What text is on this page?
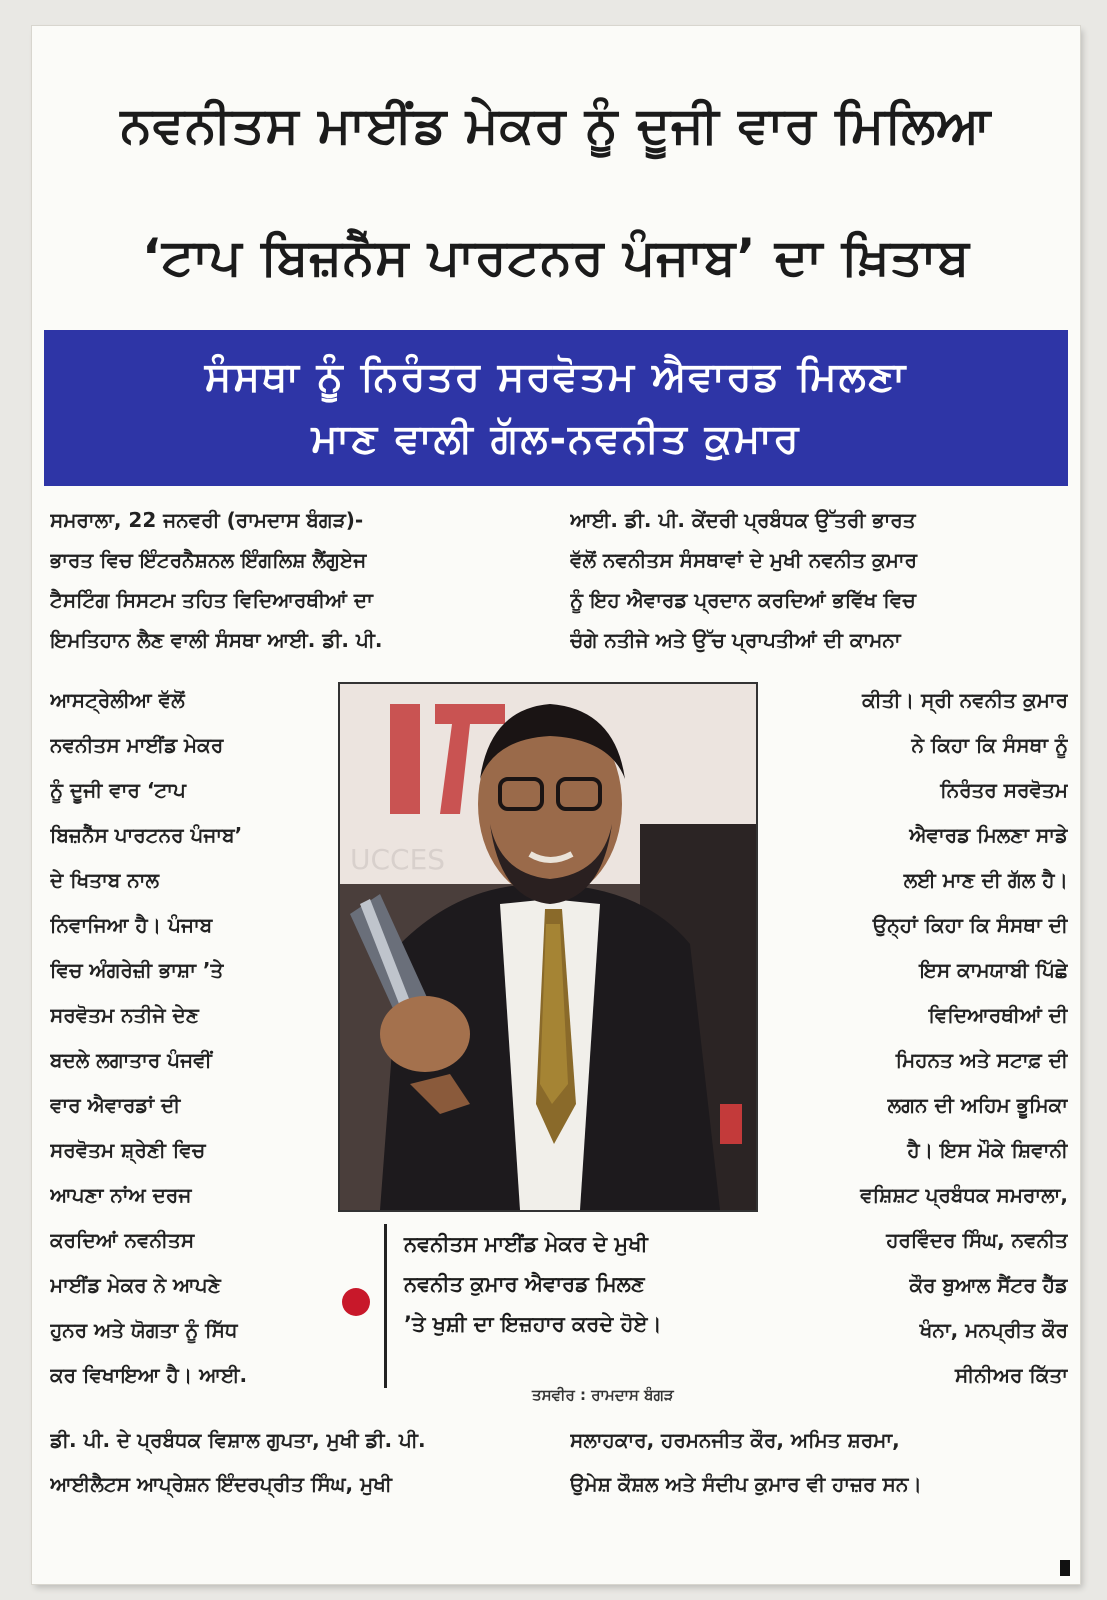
ਨਵਨੀਤਸ ਮਾਈਂਡ ਮੇਕਰ ਨੂੰ ਦੂਜੀ ਵਾਰ ਮਿਲਿਆ
‘ਟਾਪ ਬਿਜ਼ਨੈੱਸ ਪਾਰਟਨਰ ਪੰਜਾਬ’ ਦਾ ਖ਼ਿਤਾਬ
ਸੰਸਥਾ ਨੂੰ ਨਿਰੰਤਰ ਸਰਵੋਤਮ ਐਵਾਰਡ ਮਿਲਣਾ
ਮਾਣ ਵਾਲੀ ਗੱਲ-ਨਵਨੀਤ ਕੁਮਾਰ
ਸਮਰਾਲਾ, 22 ਜਨਵਰੀ (ਰਾਮਦਾਸ ਬੰਗੜ)-
ਭਾਰਤ ਵਿਚ ਇੰਟਰਨੈਸ਼ਨਲ ਇੰਗਲਿਸ਼ ਲੈਂਗੁਏਜ
ਟੈਸਟਿੰਗ ਸਿਸਟਮ ਤਹਿਤ ਵਿਦਿਆਰਥੀਆਂ ਦਾ
ਇਮਤਿਹਾਨ ਲੈਣ ਵਾਲੀ ਸੰਸਥਾ ਆਈ. ਡੀ. ਪੀ.
ਆਸਟ੍ਰੇਲੀਆ ਵੱਲੋਂ
ਨਵਨੀਤਸ ਮਾਈਂਡ ਮੇਕਰ
ਨੂੰ ਦੂਜੀ ਵਾਰ ‘ਟਾਪ
ਬਿਜ਼ਨੈੱਸ ਪਾਰਟਨਰ ਪੰਜਾਬ’
ਦੇ ਖਿਤਾਬ ਨਾਲ
ਨਿਵਾਜਿਆ ਹੈ। ਪੰਜਾਬ
ਵਿਚ ਅੰਗਰੇਜ਼ੀ ਭਾਸ਼ਾ ’ਤੇ
ਸਰਵੋਤਮ ਨਤੀਜੇ ਦੇਣ
ਬਦਲੇ ਲਗਾਤਾਰ ਪੰਜਵੀਂ
ਵਾਰ ਐਵਾਰਡਾਂ ਦੀ
ਸਰਵੋਤਮ ਸ਼੍ਰੇਣੀ ਵਿਚ
ਆਪਣਾ ਨਾਂਅ ਦਰਜ
ਕਰਦਿਆਂ ਨਵਨੀਤਸ
ਮਾਈਂਡ ਮੇਕਰ ਨੇ ਆਪਣੇ
ਹੁਨਰ ਅਤੇ ਯੋਗਤਾ ਨੂੰ ਸਿੱਧ
ਕਰ ਵਿਖਾਇਆ ਹੈ। ਆਈ.
ਡੀ. ਪੀ. ਦੇ ਪ੍ਰਬੰਧਕ ਵਿਸ਼ਾਲ ਗੁਪਤਾ, ਮੁਖੀ ਡੀ. ਪੀ.
ਆਈਲੈਟਸ ਆਪ੍ਰੇਸ਼ਨ ਇੰਦਰਪ੍ਰੀਤ ਸਿੰਘ, ਮੁਖੀ
ਆਈ. ਡੀ. ਪੀ. ਕੇਂਦਰੀ ਪ੍ਰਬੰਧਕ ਉੱਤਰੀ ਭਾਰਤ
ਵੱਲੋਂ ਨਵਨੀਤਸ ਸੰਸਥਾਵਾਂ ਦੇ ਮੁਖੀ ਨਵਨੀਤ ਕੁਮਾਰ
ਨੂੰ ਇਹ ਐਵਾਰਡ ਪ੍ਰਦਾਨ ਕਰਦਿਆਂ ਭਵਿੱਖ ਵਿਚ
ਚੰਗੇ ਨਤੀਜੇ ਅਤੇ ਉੱਚ ਪ੍ਰਾਪਤੀਆਂ ਦੀ ਕਾਮਨਾ
ਕੀਤੀ। ਸ੍ਰੀ ਨਵਨੀਤ ਕੁਮਾਰ
ਨੇ ਕਿਹਾ ਕਿ ਸੰਸਥਾ ਨੂੰ
ਨਿਰੰਤਰ ਸਰਵੋਤਮ
ਐਵਾਰਡ ਮਿਲਣਾ ਸਾਡੇ
ਲਈ ਮਾਣ ਦੀ ਗੱਲ ਹੈ।
ਉਨ੍ਹਾਂ ਕਿਹਾ ਕਿ ਸੰਸਥਾ ਦੀ
ਇਸ ਕਾਮਯਾਬੀ ਪਿੱਛੇ
ਵਿਦਿਆਰਥੀਆਂ ਦੀ
ਮਿਹਨਤ ਅਤੇ ਸਟਾਫ਼ ਦੀ
ਲਗਨ ਦੀ ਅਹਿਮ ਭੂਮਿਕਾ
ਹੈ। ਇਸ ਮੌਕੇ ਸ਼ਿਵਾਨੀ
ਵਸ਼ਿਸ਼ਟ ਪ੍ਰਬੰਧਕ ਸਮਰਾਲਾ,
ਹਰਵਿੰਦਰ ਸਿੰਘ, ਨਵਨੀਤ
ਕੌਰ ਬੁਆਲ ਸੈਂਟਰ ਹੈੱਡ
ਖੰਨਾ, ਮਨਪ੍ਰੀਤ ਕੌਰ
ਸੀਨੀਅਰ ਕਿੱਤਾ
ਸਲਾਹਕਾਰ, ਹਰਮਨਜੀਤ ਕੌਰ, ਅਮਿਤ ਸ਼ਰਮਾ,
ਉਮੇਸ਼ ਕੌਸ਼ਲ ਅਤੇ ਸੰਦੀਪ ਕੁਮਾਰ ਵੀ ਹਾਜ਼ਰ ਸਨ।
UCCES
ਨਵਨੀਤਸ ਮਾਈਂਡ ਮੇਕਰ ਦੇ ਮੁਖੀ
ਨਵਨੀਤ ਕੁਮਾਰ ਐਵਾਰਡ ਮਿਲਣ
’ਤੇ ਖੁਸ਼ੀ ਦਾ ਇਜ਼ਹਾਰ ਕਰਦੇ ਹੋਏ।
ਤਸਵੀਰ : ਰਾਮਦਾਸ ਬੰਗੜ
